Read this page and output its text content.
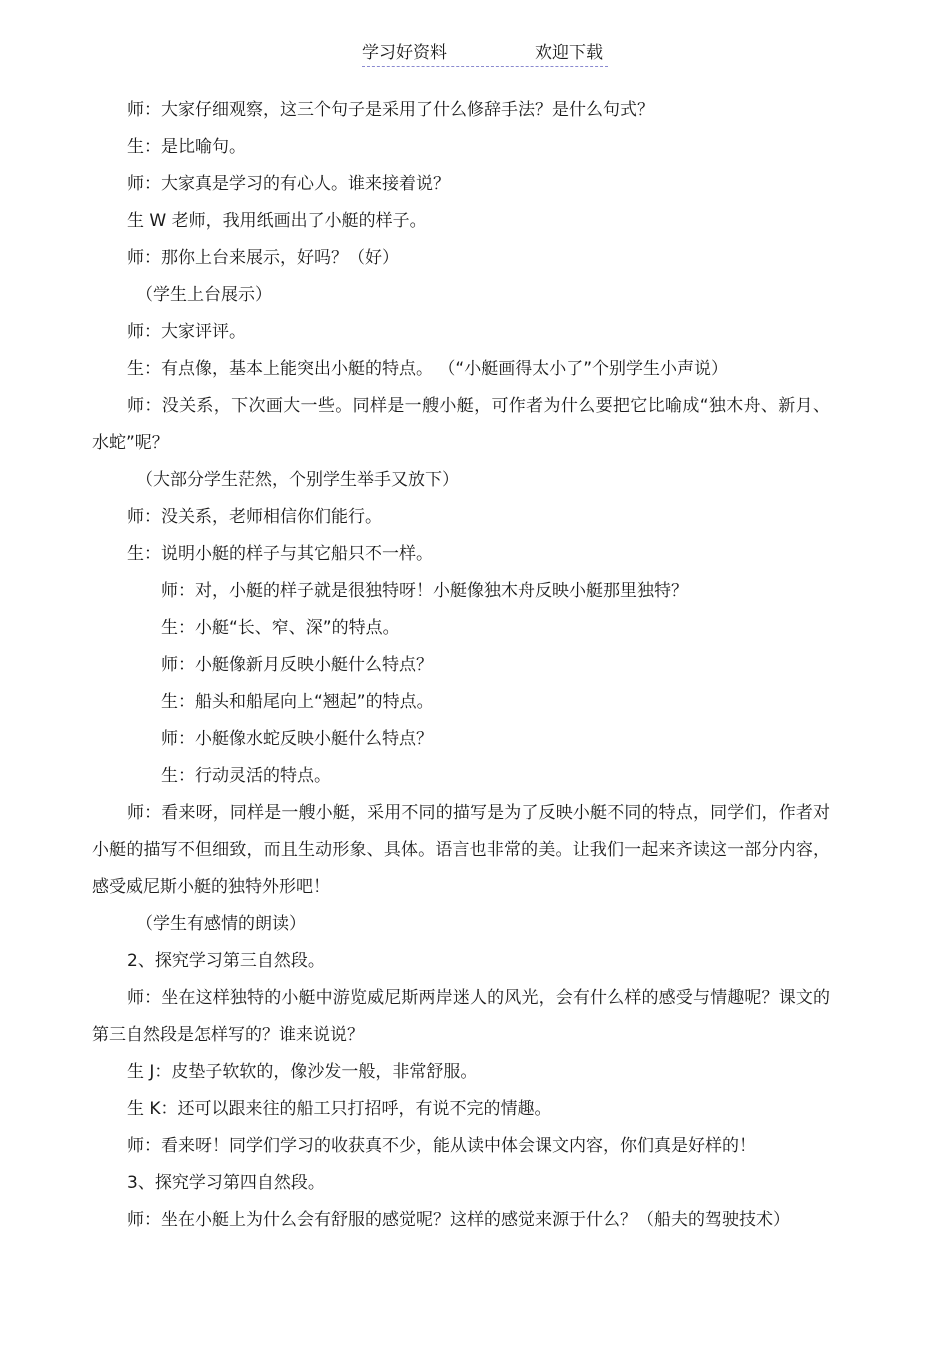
学习好资料	欢迎下载

师：大家仔细观察，这三个句子是采用了什么修辞手法？是什么句式？

生：是比喻句。

师：大家真是学习的有心人。谁来接着说？

生 W 老师，我用纸画出了小艇的样子。

师：那你上台来展示，好吗？（好）

（学生上台展示）

师：大家评评。

生：有点像，基本上能突出小艇的特点。 （“小艇画得太小了”个别学生小声说）

师：没关系，下次画大一些。同样是一艘小艇，可作者为什么要把它比喻成“独木舟、新月、水蛇”呢？

（大部分学生茫然，个别学生举手又放下）

师：没关系，老师相信你们能行。

生：说明小艇的样子与其它船只不一样。

师：对，小艇的样子就是很独特呀！小艇像独木舟反映小艇那里独特？

生：小艇“长、窄、深”的特点。

师：小艇像新月反映小艇什么特点？

生：船头和船尾向上“翘起”的特点。

师：小艇像水蛇反映小艇什么特点？

生：行动灵活的特点。

师：看来呀，同样是一艘小艇，采用不同的描写是为了反映小艇不同的特点，同学们，作者对小艇的描写不但细致，而且生动形象、具体。语言也非常的美。让我们一起来齐读这一部分内容，感受威尼斯小艇的独特外形吧！

（学生有感情的朗读）

2、探究学习第三自然段。

师：坐在这样独特的小艇中游览威尼斯两岸迷人的风光，会有什么样的感受与情趣呢？课文的第三自然段是怎样写的？谁来说说？

生 J：皮垫子软软的，像沙发一般，非常舒服。

生 K：还可以跟来往的船工只打招呼，有说不完的情趣。

师：看来呀！同学们学习的收获真不少，能从读中体会课文内容，你们真是好样的！

3、探究学习第四自然段。

师：坐在小艇上为什么会有舒服的感觉呢？这样的感觉来源于什么？（船夫的驾驶技术）
